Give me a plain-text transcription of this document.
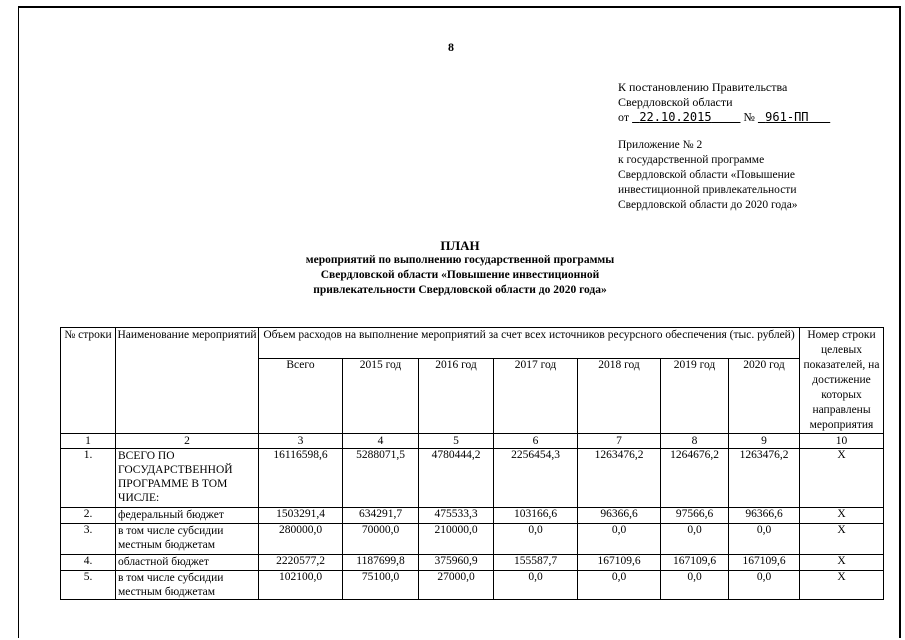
8
К постановлению Правительства
Свердловской области
от 22.10.2015	№ 961-ПП
Приложение № 2
к государственной программе
Свердловской области «Повышение
инвестиционной привлекательности
Свердловской области до 2020 года»
ПЛАН
мероприятий по выполнению государственной программы
Свердловской области «Повышение инвестиционной
привлекательности Свердловской области до 2020 года»
№ строки	Наименование мероприятий	Объем расходов на выполнение мероприятий за счет всех источников ресурсного обеспечения (тыс. рублей)							Номер строки целевых показателей, на достижение которых направлены мероприятия
		Всего	2015 год	2016 год	2017 год	2018 год	2019 год	2020 год	
1	2	3	4	5	6	7	8	9	10
1.	ВСЕГО ПО ГОСУДАРСТВЕННОЙ ПРОГРАММЕ В ТОМ ЧИСЛЕ:	16116598,6	5288071,5	4780444,2	2256454,3	1263476,2	1264676,2	1263476,2	Х
2.	федеральный бюджет	1503291,4	634291,7	475533,3	103166,6	96366,6	97566,6	96366,6	Х
3.	в том числе субсидии местным бюджетам	280000,0	70000,0	210000,0	0,0	0,0	0,0	0,0	Х
4.	областной бюджет	2220577,2	1187699,8	375960,9	155587,7	167109,6	167109,6	167109,6	Х
5.	в том числе субсидии местным бюджетам	102100,0	75100,0	27000,0	0,0	0,0	0,0	0,0	Х
